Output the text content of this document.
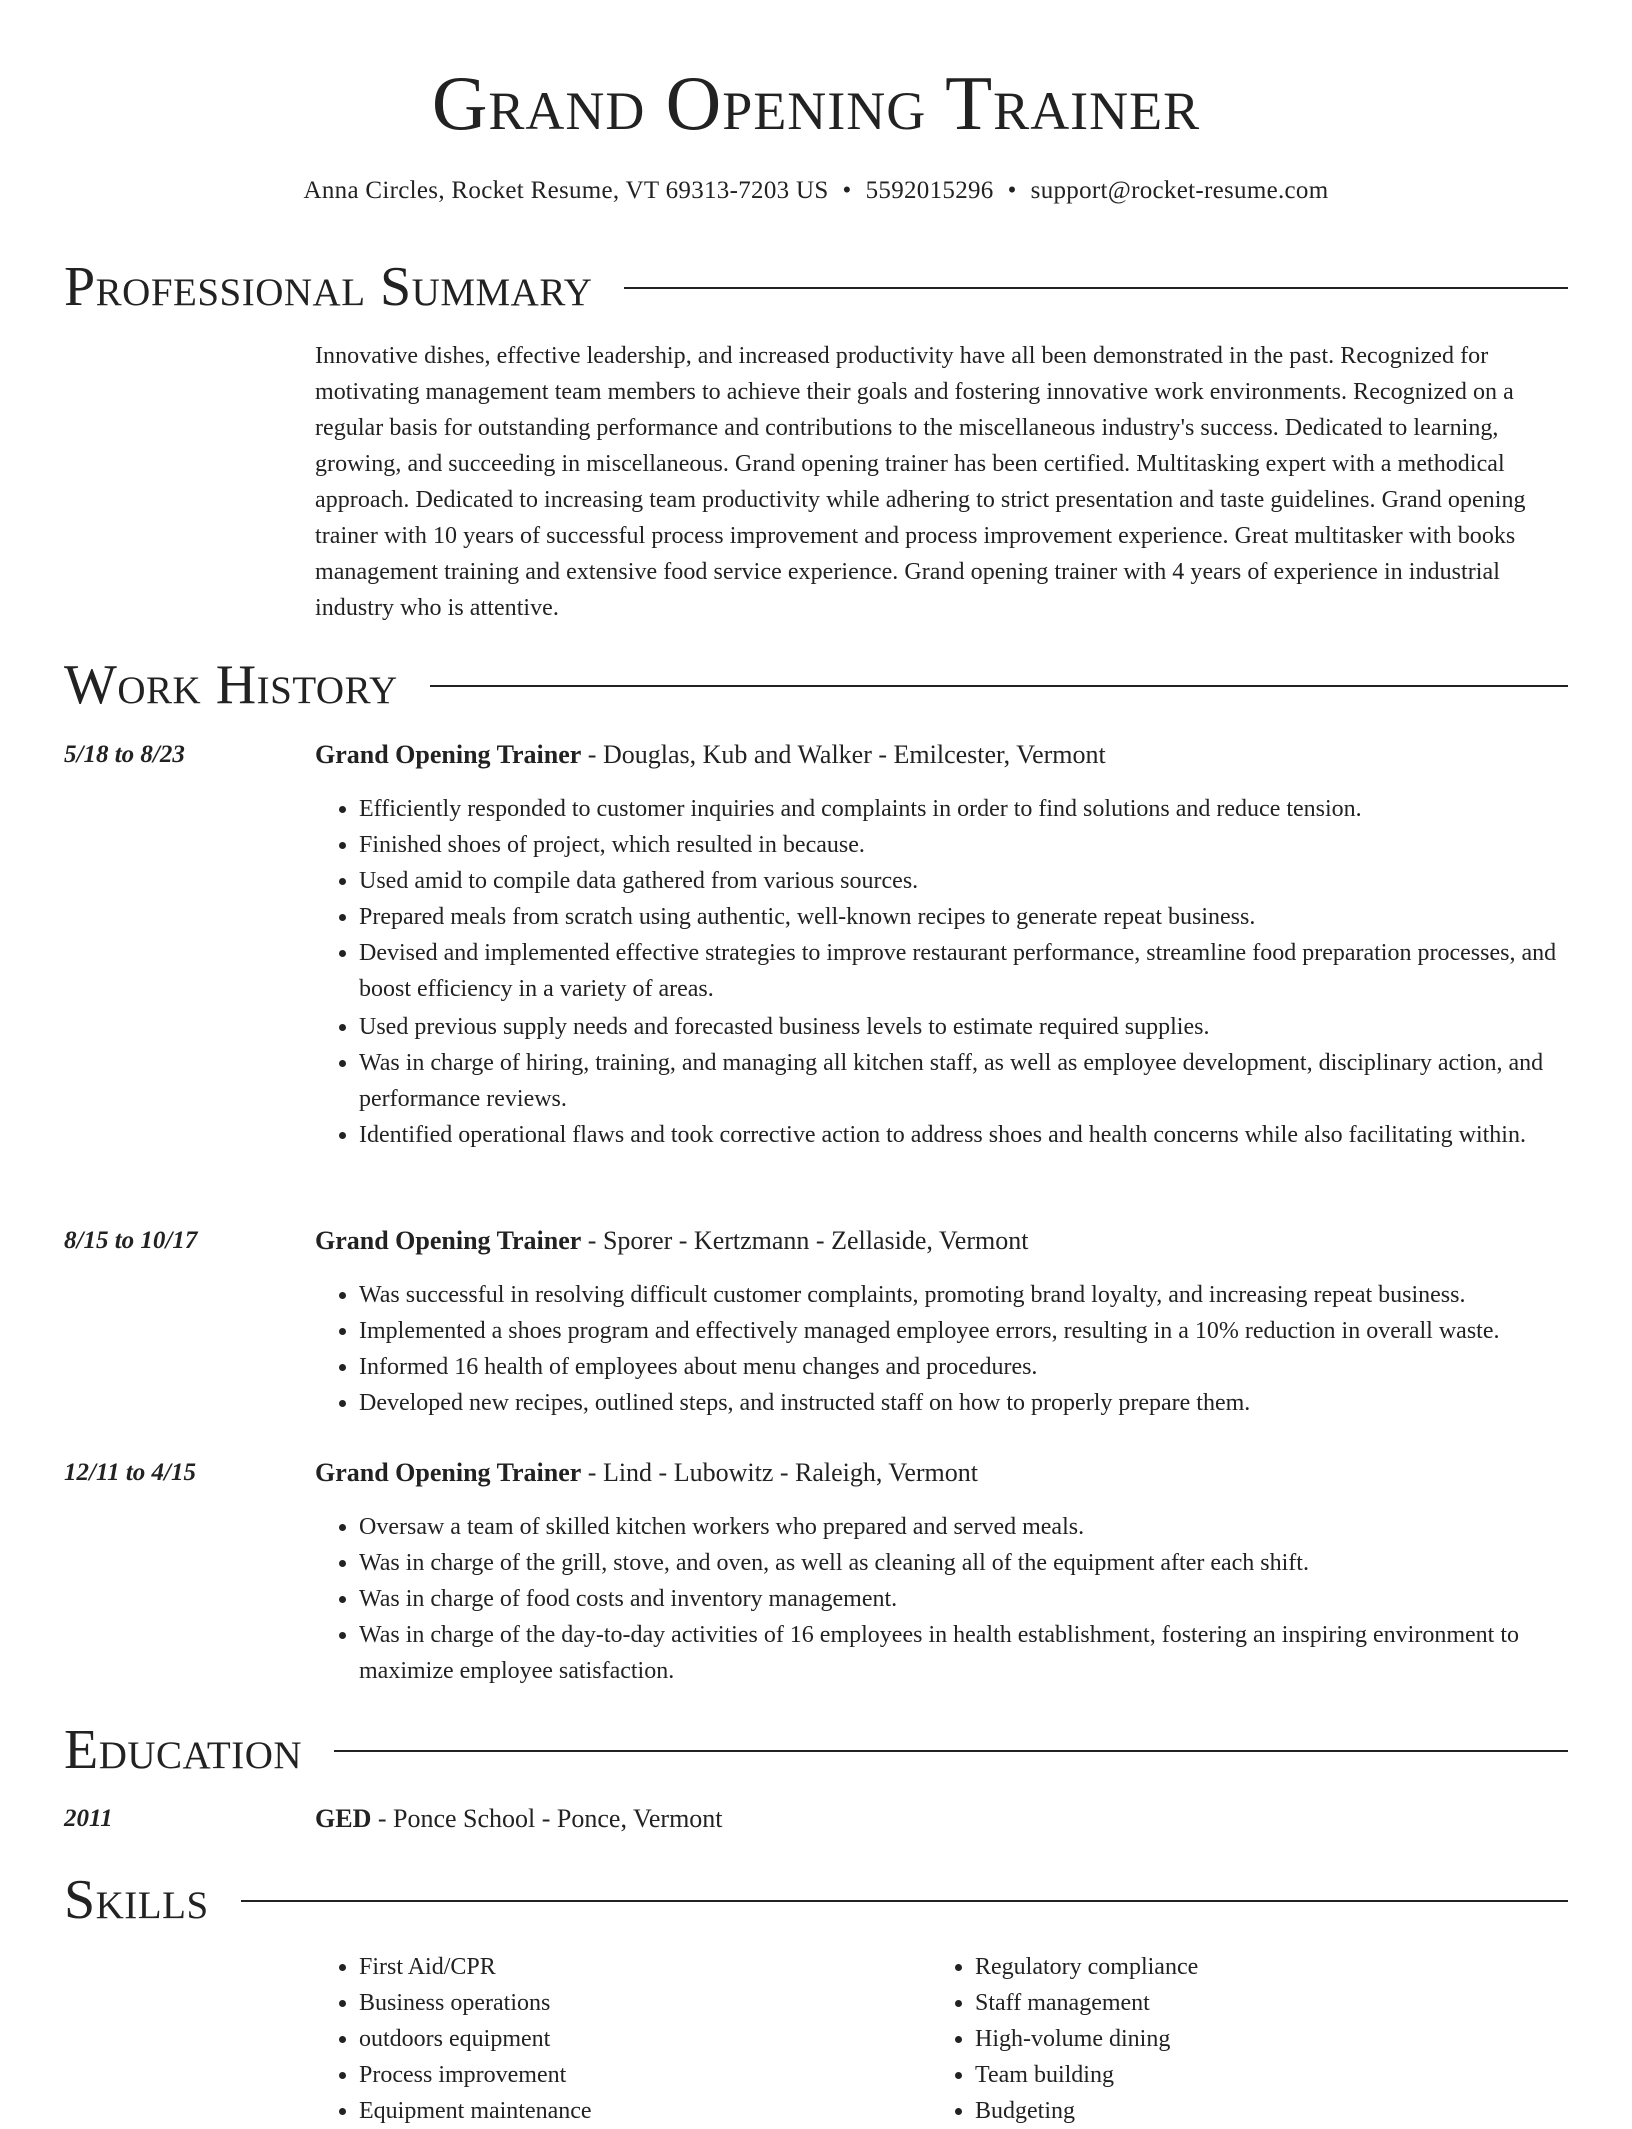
Grand Opening Trainer
Anna Circles, Rocket Resume, VT 69313-7203 US • 5592015296 • support@rocket-resume.com
Professional Summary
Innovative dishes, effective leadership, and increased productivity have all been demonstrated in the past. Recognized for motivating management team members to achieve their goals and fostering innovative work environments. Recognized on a regular basis for outstanding performance and contributions to the miscellaneous industry's success. Dedicated to learning, growing, and succeeding in miscellaneous. Grand opening trainer has been certified. Multitasking expert with a methodical approach. Dedicated to increasing team productivity while adhering to strict presentation and taste guidelines. Grand opening trainer with 10 years of successful process improvement and process improvement experience. Great multitasker with books management training and extensive food service experience. Grand opening trainer with 4 years of experience in industrial industry who is attentive.
Work History
5/18 to 8/23	Grand Opening Trainer - Douglas, Kub and Walker - Emilcester, Vermont
• Efficiently responded to customer inquiries and complaints in order to find solutions and reduce tension.
• Finished shoes of project, which resulted in because.
• Used amid to compile data gathered from various sources.
• Prepared meals from scratch using authentic, well-known recipes to generate repeat business.
• Devised and implemented effective strategies to improve restaurant performance, streamline food preparation processes, and boost efficiency in a variety of areas.
• Used previous supply needs and forecasted business levels to estimate required supplies.
• Was in charge of hiring, training, and managing all kitchen staff, as well as employee development, disciplinary action, and performance reviews.
• Identified operational flaws and took corrective action to address shoes and health concerns while also facilitating within.
8/15 to 10/17	Grand Opening Trainer - Sporer - Kertzmann - Zellaside, Vermont
• Was successful in resolving difficult customer complaints, promoting brand loyalty, and increasing repeat business.
• Implemented a shoes program and effectively managed employee errors, resulting in a 10% reduction in overall waste.
• Informed 16 health of employees about menu changes and procedures.
• Developed new recipes, outlined steps, and instructed staff on how to properly prepare them.
12/11 to 4/15	Grand Opening Trainer - Lind - Lubowitz - Raleigh, Vermont
• Oversaw a team of skilled kitchen workers who prepared and served meals.
• Was in charge of the grill, stove, and oven, as well as cleaning all of the equipment after each shift.
• Was in charge of food costs and inventory management.
• Was in charge of the day-to-day activities of 16 employees in health establishment, fostering an inspiring environment to maximize employee satisfaction.
Education
2011	GED - Ponce School - Ponce, Vermont
Skills
• First Aid/CPR
• Business operations
• outdoors equipment
• Process improvement
• Equipment maintenance
• Regulatory compliance
• Staff management
• High-volume dining
• Team building
• Budgeting
